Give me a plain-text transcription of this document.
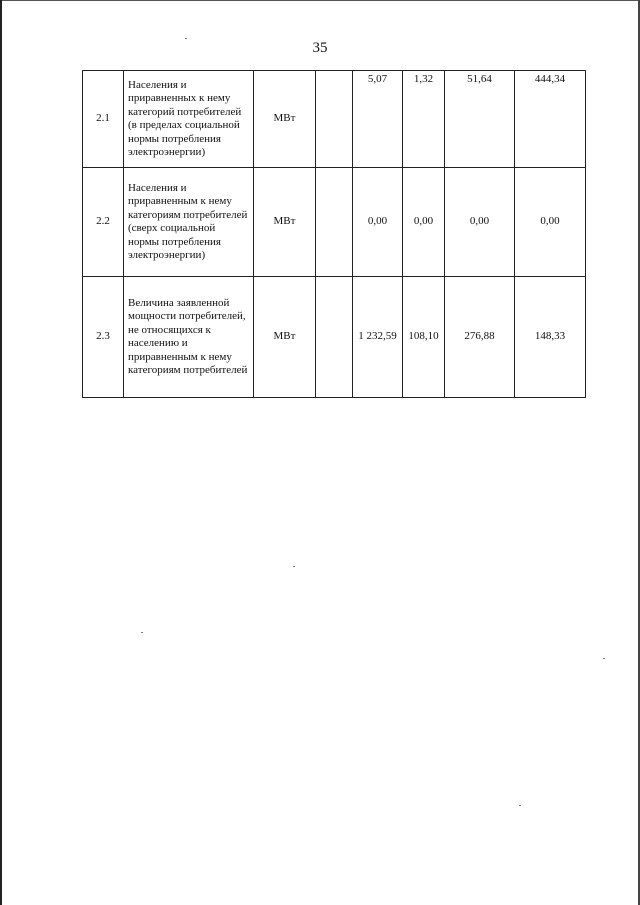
35
2.1	Населения и приравненных к нему категорий потребителей (в пределах социальной нормы потребления электроэнергии)	МВт		5,07	1,32	51,64	444,34
2.2	Населения и приравненным к нему категориям потребителей (сверх социальной нормы потребления электроэнергии)	МВт		0,00	0,00	0,00	0,00
2.3	Величина заявленной мощности потребителей, не относящихся к населению и приравненным к нему категориям потребителей	МВт		1 232,59	108,10	276,88	148,33
